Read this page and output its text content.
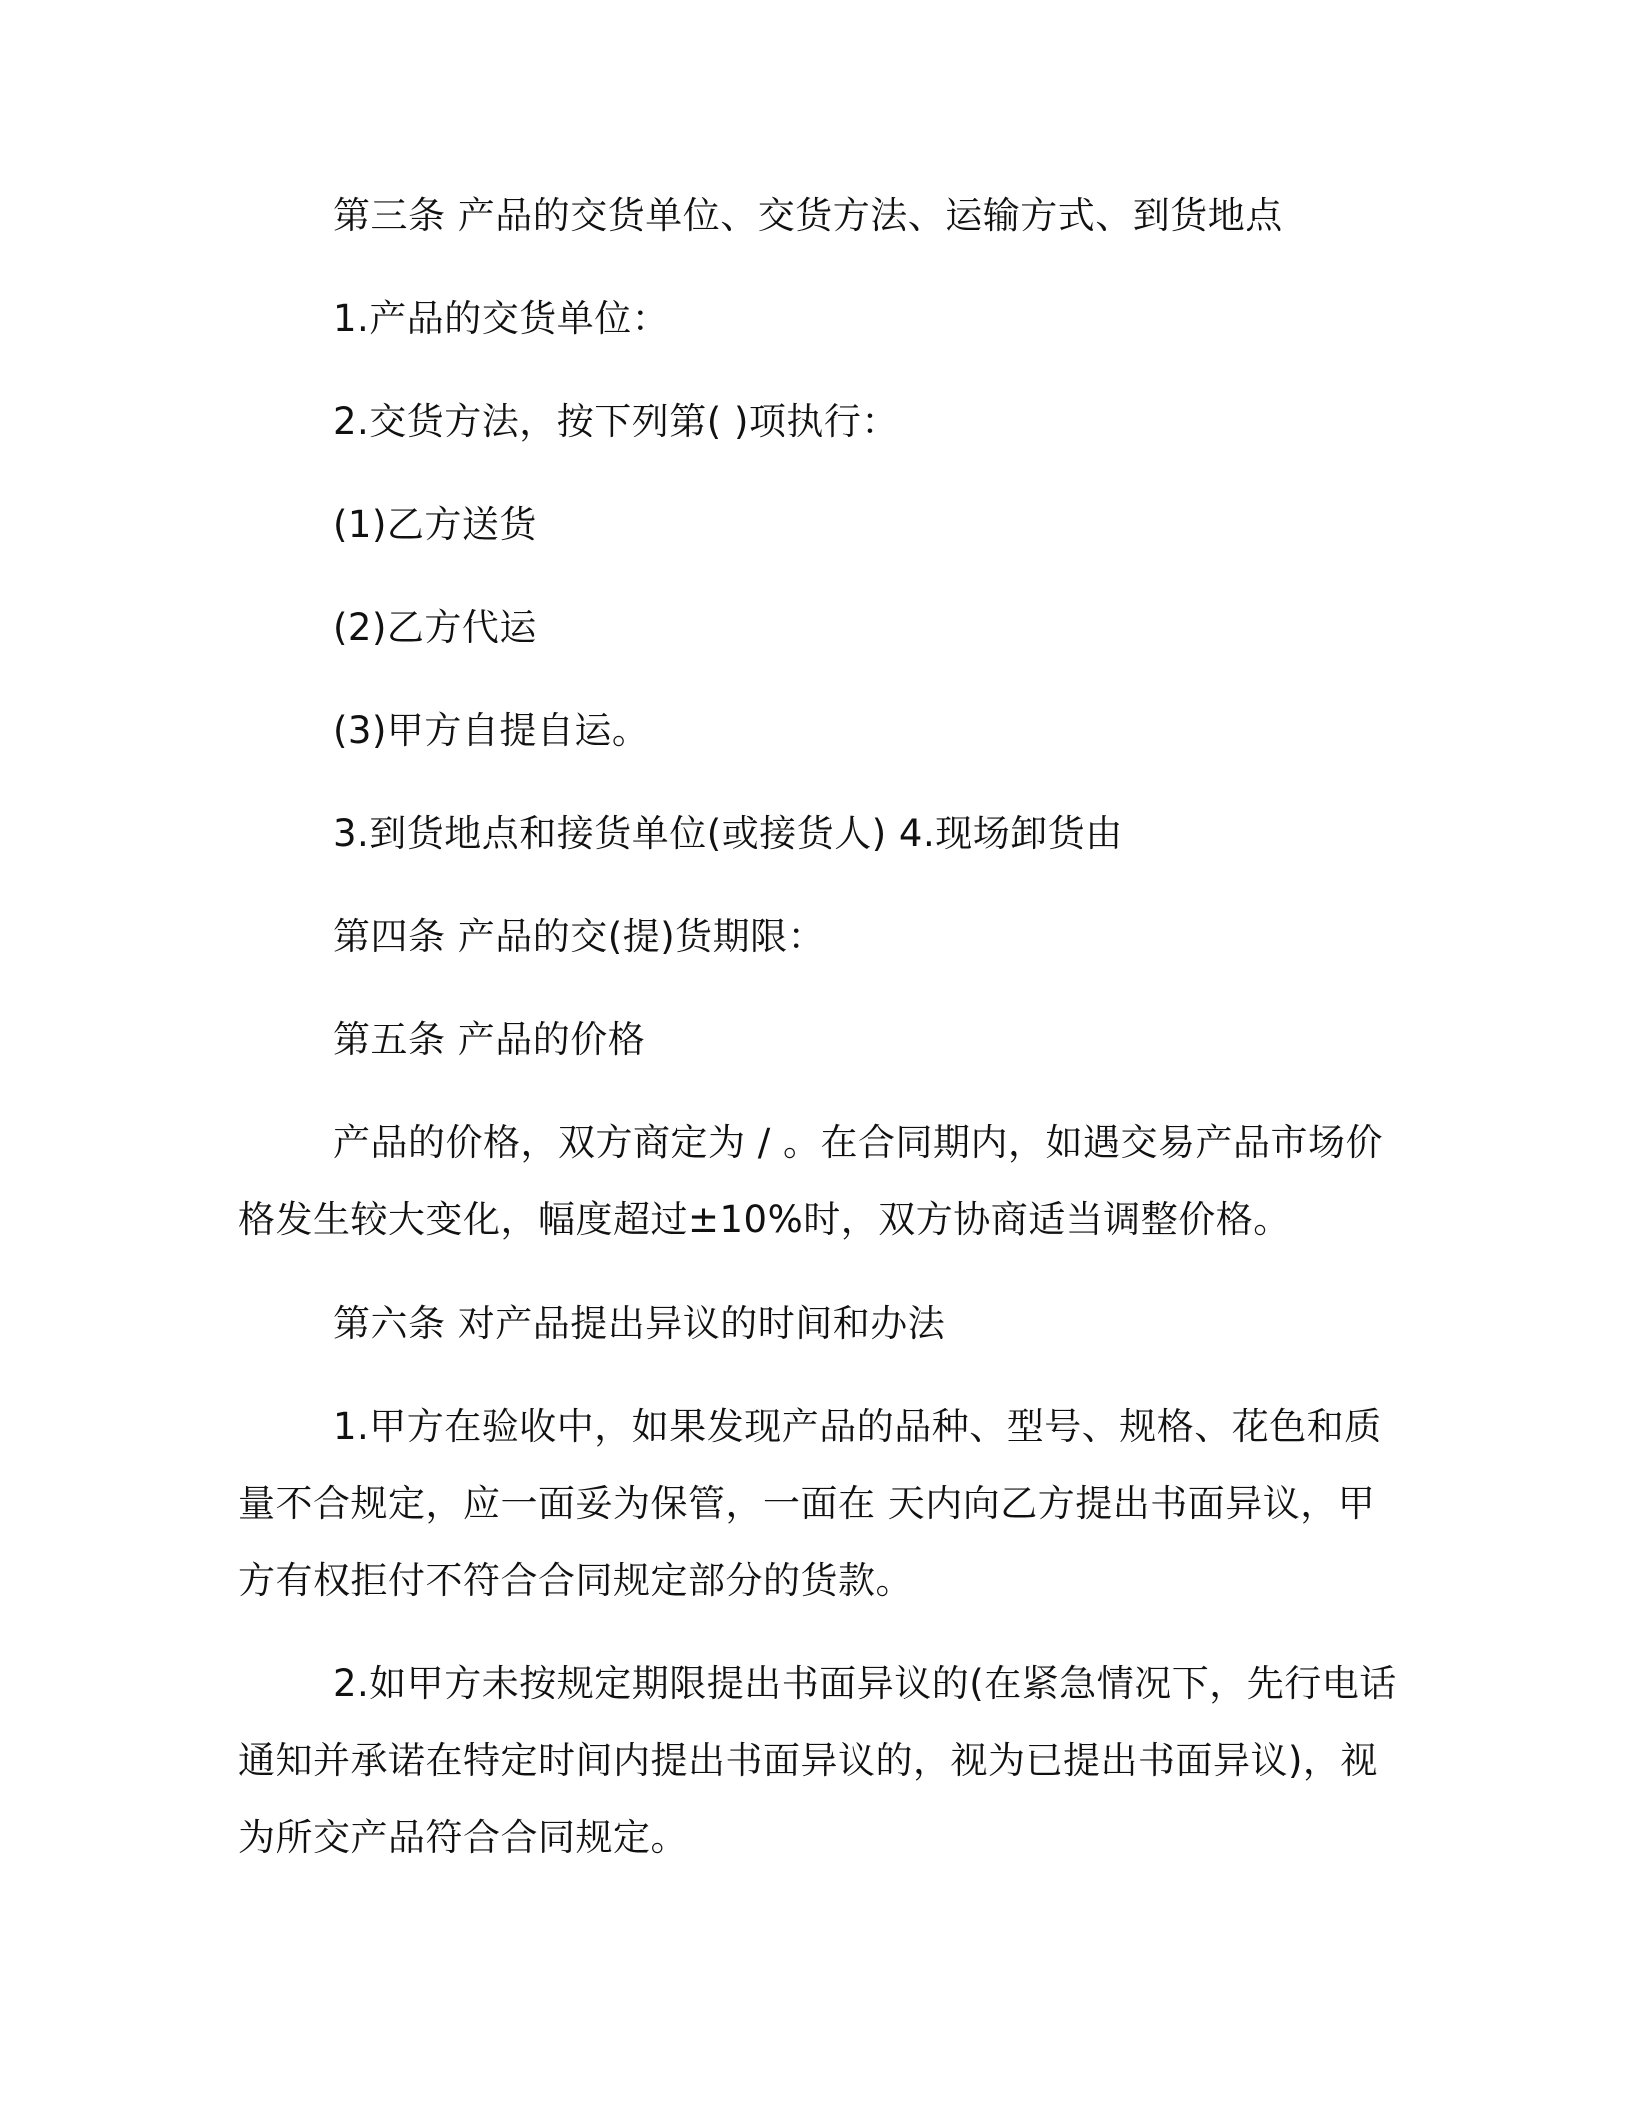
第三条 产品的交货单位、交货方法、运输方式、到货地点
1.产品的交货单位：
2.交货方法，按下列第( )项执行：
(1)乙方送货
(2)乙方代运
(3)甲方自提自运。
3.到货地点和接货单位(或接货人) 4.现场卸货由
第四条 产品的交(提)货期限：
第五条 产品的价格
产品的价格，双方商定为 / 。在合同期内，如遇交易产品市场价
格发生较大变化，幅度超过±10%时，双方协商适当调整价格。
第六条 对产品提出异议的时间和办法
1.甲方在验收中，如果发现产品的品种、型号、规格、花色和质
量不合规定，应一面妥为保管，一面在 天内向乙方提出书面异议，甲
方有权拒付不符合合同规定部分的货款。
2.如甲方未按规定期限提出书面异议的(在紧急情况下，先行电话
通知并承诺在特定时间内提出书面异议的，视为已提出书面异议)，视
为所交产品符合合同规定。
